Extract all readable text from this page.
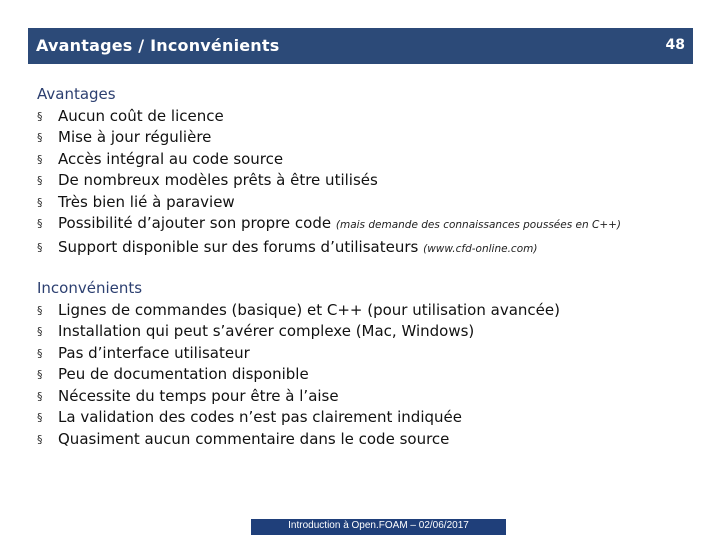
Avantages / Inconvénients	48
Avantages
§ Aucun coût de licence
§ Mise à jour régulière
§ Accès intégral au code source
§ De nombreux modèles prêts à être utilisés
§ Très bien lié à paraview
§ Possibilité d’ajouter son propre code (mais demande des connaissances poussées en C++)
§ Support disponible sur des forums d’utilisateurs (www.cfd-online.com)
Inconvénients
§ Lignes de commandes (basique) et C++ (pour utilisation avancée)
§ Installation qui peut s’avérer complexe (Mac, Windows)
§ Pas d’interface utilisateur
§ Peu de documentation disponible
§ Nécessite du temps pour être à l’aise
§ La validation des codes n’est pas clairement indiquée
§ Quasiment aucun commentaire dans le code source
Introduction à Open.FOAM – 02/06/2017
